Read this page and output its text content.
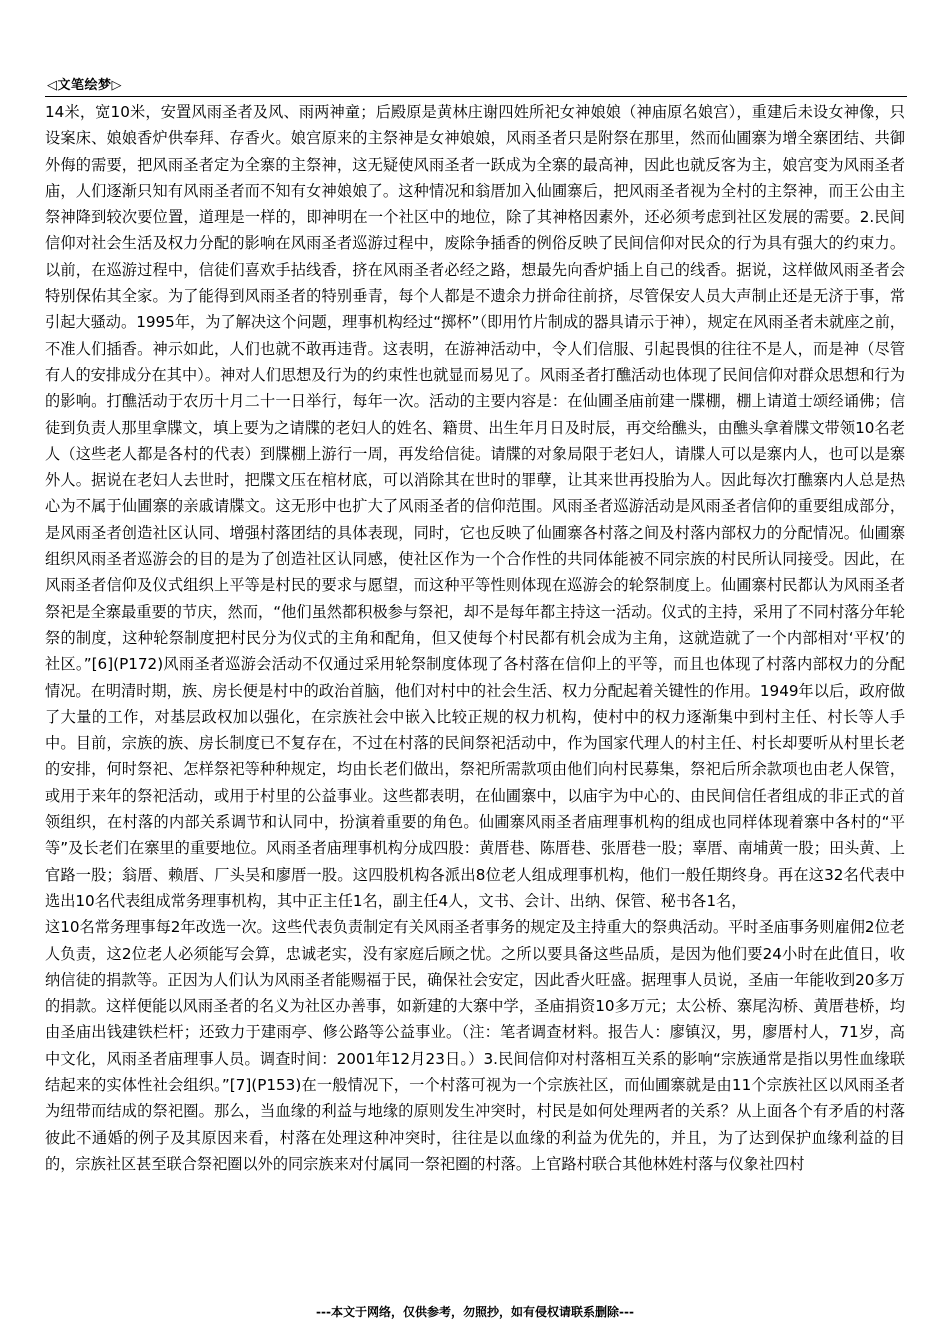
◁文笔绘梦▷

14米，宽10米，安置风雨圣者及风、雨两神童；后殿原是黄林庄谢四姓所祀女神娘娘（神庙原名娘宫），重建后未设女神像，只设案床、娘娘香炉供奉拜、存香火。娘宫原来的主祭神是女神娘娘，风雨圣者只是附祭在那里，然而仙圃寨为增全寨团结、共御外侮的需要，把风雨圣者定为全寨的主祭神，这无疑使风雨圣者一跃成为全寨的最高神，因此也就反客为主，娘宫变为风雨圣者庙，人们逐渐只知有风雨圣者而不知有女神娘娘了。这种情况和翁厝加入仙圃寨后，把风雨圣者视为全村的主祭神，而王公由主祭神降到较次要位置，道理是一样的，即神明在一个社区中的地位，除了其神格因素外，还必须考虑到社区发展的需要。2.民间信仰对社会生活及权力分配的影响在风雨圣者巡游过程中，废除争插香的例俗反映了民间信仰对民众的行为具有强大的约束力。以前，在巡游过程中，信徒们喜欢手拈线香，挤在风雨圣者必经之路，想最先向香炉插上自己的线香。据说，这样做风雨圣者会特别保佑其全家。为了能得到风雨圣者的特别垂青，每个人都是不遗余力拼命往前挤，尽管保安人员大声制止还是无济于事，常引起大骚动。1995年，为了解决这个问题，理事机构经过“掷杯”（即用竹片制成的器具请示于神），规定在风雨圣者未就座之前，不准人们插香。神示如此，人们也就不敢再违背。这表明，在游神活动中，令人们信服、引起畏惧的往往不是人，而是神（尽管有人的安排成分在其中）。神对人们思想及行为的约束性也就显而易见了。风雨圣者打醮活动也体现了民间信仰对群众思想和行为的影响。打醮活动于农历十月二十一日举行，每年一次。活动的主要内容是：在仙圃圣庙前建一牒棚，棚上请道士颂经诵佛；信徒到负责人那里拿牒文，填上要为之请牒的老妇人的姓名、籍贯、出生年月日及时辰，再交给醮头，由醮头拿着牒文带领10名老人（这些老人都是各村的代表）到牒棚上游行一周，再发给信徒。请牒的对象局限于老妇人，请牒人可以是寨内人，也可以是寨外人。据说在老妇人去世时，把牒文压在棺材底，可以消除其在世时的罪孽，让其来世再投胎为人。因此每次打醮寨内人总是热心为不属于仙圃寨的亲戚请牒文。这无形中也扩大了风雨圣者的信仰范围。风雨圣者巡游活动是风雨圣者信仰的重要组成部分，是风雨圣者创造社区认同、增强村落团结的具体表现，同时，它也反映了仙圃寨各村落之间及村落内部权力的分配情况。仙圃寨组织风雨圣者巡游会的目的是为了创造社区认同感，使社区作为一个合作性的共同体能被不同宗族的村民所认同接受。因此，在风雨圣者信仰及仪式组织上平等是村民的要求与愿望，而这种平等性则体现在巡游会的轮祭制度上。仙圃寨村民都认为风雨圣者祭祀是全寨最重要的节庆，然而，“他们虽然都积极参与祭祀，却不是每年都主持这一活动。仪式的主持，采用了不同村落分年轮祭的制度，这种轮祭制度把村民分为仪式的主角和配角，但又使每个村民都有机会成为主角，这就造就了一个内部相对‘平权’的社区。”[6](P172)风雨圣者巡游会活动不仅通过采用轮祭制度体现了各村落在信仰上的平等，而且也体现了村落内部权力的分配情况。在明清时期，族、房长便是村中的政治首脑，他们对村中的社会生活、权力分配起着关键性的作用。1949年以后，政府做了大量的工作，对基层政权加以强化，在宗族社会中嵌入比较正规的权力机构，使村中的权力逐渐集中到村主任、村长等人手中。目前，宗族的族、房长制度已不复存在，不过在村落的民间祭祀活动中，作为国家代理人的村主任、村长却要听从村里长老的安排，何时祭祀、怎样祭祀等种种规定，均由长老们做出，祭祀所需款项由他们向村民募集，祭祀后所余款项也由老人保管，或用于来年的祭祀活动，或用于村里的公益事业。这些都表明，在仙圃寨中，以庙宇为中心的、由民间信任者组成的非正式的首领组织，在村落的内部关系调节和认同中，扮演着重要的角色。仙圃寨风雨圣者庙理事机构的组成也同样体现着寨中各村的“平等”及长老们在寨里的重要地位。风雨圣者庙理事机构分成四股：黄厝巷、陈厝巷、张厝巷一股；辜厝、南埔黄一股；田头黄、上官路一股；翁厝、赖厝、厂头吴和廖厝一股。这四股机构各派出8位老人组成理事机构，他们一般任期终身。再在这32名代表中选出10名代表组成常务理事机构，其中正主任1名，副主任4人，文书、会计、出纳、保管、秘书各1名，

这10名常务理事每2年改选一次。这些代表负责制定有关风雨圣者事务的规定及主持重大的祭典活动。平时圣庙事务则雇佣2位老人负责，这2位老人必须能写会算，忠诚老实，没有家庭后顾之忧。之所以要具备这些品质，是因为他们要24小时在此值日，收纳信徒的捐款等。正因为人们认为风雨圣者能赐福于民，确保社会安定，因此香火旺盛。据理事人员说，圣庙一年能收到20多万的捐款。这样便能以风雨圣者的名义为社区办善事，如新建的大寨中学，圣庙捐资10多万元；太公桥、寨尾沟桥、黄厝巷桥，均由圣庙出钱建铁栏杆；还致力于建雨亭、修公路等公益事业。（注：笔者调查材料。报告人：廖镇汉，男，廖厝村人，71岁，高中文化，风雨圣者庙理事人员。调查时间：2001年12月23日。）3.民间信仰对村落相互关系的影响“宗族通常是指以男性血缘联结起来的实体性社会组织。”[7](P153)在一般情况下，一个村落可视为一个宗族社区，而仙圃寨就是由11个宗族社区以风雨圣者为纽带而结成的祭祀圈。那么，当血缘的利益与地缘的原则发生冲突时，村民是如何处理两者的关系？从上面各个有矛盾的村落彼此不通婚的例子及其原因来看，村落在处理这种冲突时，往往是以血缘的利益为优先的，并且，为了达到保护血缘利益的目的，宗族社区甚至联合祭祀圈以外的同宗族来对付属同一祭祀圈的村落。上官路村联合其他林姓村落与仪象社四村

---本文于网络，仅供参考，勿照抄，如有侵权请联系删除---
